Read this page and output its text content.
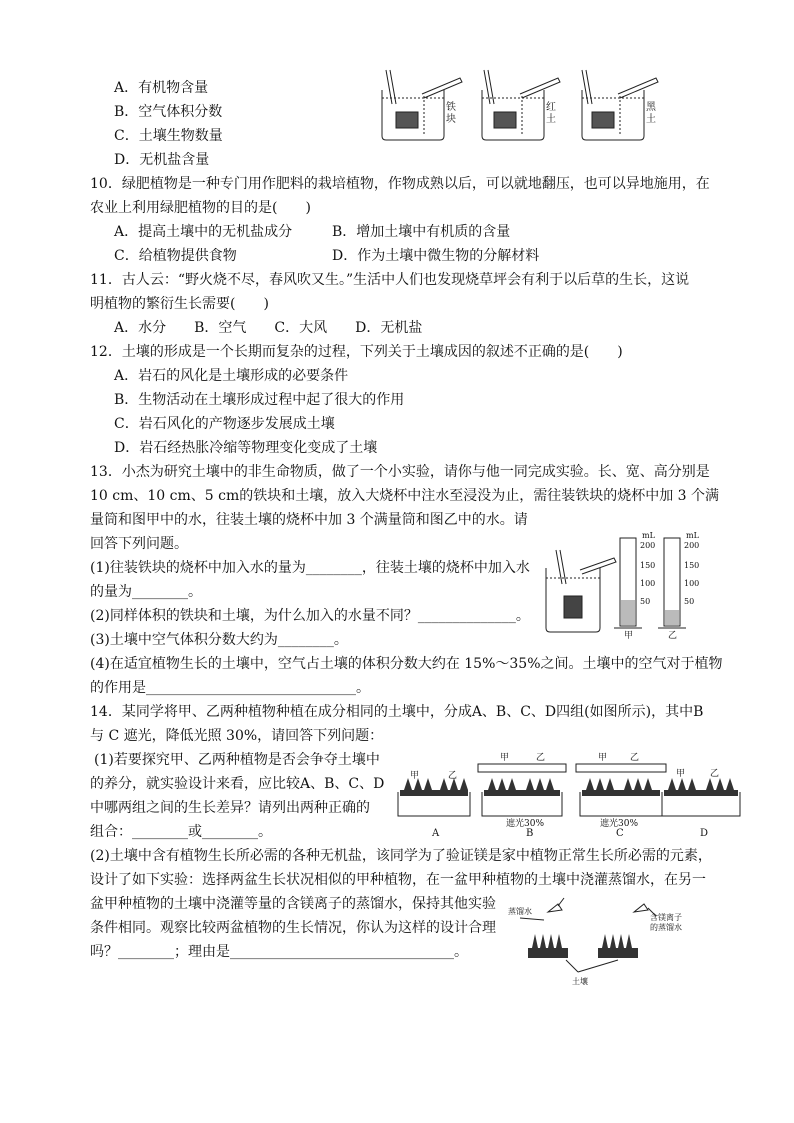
A．有机物含量
B．空气体积分数
C．土壤生物数量
D．无机盐含量
铁
块
红
土
黑
土
10．绿肥植物是一种专门用作肥料的栽培植物，作物成熟以后，可以就地翻压，也可以异地施用，在
农业上利用绿肥植物的目的是(　　)
A．提高土壤中的无机盐成分	B．增加土壤中有机质的含量
C．给植物提供食物	D．作为土壤中微生物的分解材料
11．古人云：“野火烧不尽，春风吹又生。”生活中人们也发现烧草坪会有利于以后草的生长，这说
明植物的繁衍生长需要(　　)
A．水分　　B．空气　　C．大风　　D．无机盐
12．土壤的形成是一个长期而复杂的过程，下列关于土壤成因的叙述不正确的是(　　)
A．岩石的风化是土壤形成的必要条件
B．生物活动在土壤形成过程中起了很大的作用
C．岩石风化的产物逐步发展成土壤
D．岩石经热胀冷缩等物理变化变成了土壤
13．小杰为研究土壤中的非生命物质，做了一个小实验，请你与他一同完成实验。长、宽、高分别是
10 cm、10 cm、5 cm的铁块和土壤，放入大烧杯中注水至浸没为止，需往装铁块的烧杯中加 3 个满
量筒和图甲中的水，往装土壤的烧杯中加 3 个满量筒和图乙中的水。请
回答下列问题。
(1)往装铁块的烧杯中加入水的量为________，往装土壤的烧杯中加入水
的量为________。
(2)同样体积的铁块和土壤，为什么加入的水量不同？______________。
(3)土壤中空气体积分数大约为________。
(4)在适宜植物生长的土壤中，空气占土壤的体积分数大约在 15%～35%之间。土壤中的空气对于植物
的作用是______________________________。
mL	mL
200
150
100
50
200
150
100
50
甲	乙
14．某同学将甲、乙两种植物种植在成分相同的土壤中，分成A、B、C、D四组(如图所示)，其中B
与 C 遮光，降低光照 30%，请回答下列问题：
(1)若要探究甲、乙两种植物是否会争夺土壤中
的养分，就实验设计来看，应比较A、B、C、D
中哪两组之间的生长差异？请列出两种正确的
组合：________或________。
(2)土壤中含有植物生长所必需的各种无机盐，该同学为了验证镁是家中植物正常生长所必需的元素，
设计了如下实验：选择两盆生长状况相似的甲种植物，在一盆甲种植物的土壤中浇灌蒸馏水，在另一
盆甲种植物的土壤中浇灌等量的含镁离子的蒸馏水，保持其他实验
条件相同。观察比较两盆植物的生长情况，你认为这样的设计合理
吗？________；理由是________________________________。
甲	乙
甲	乙	甲	乙
甲	乙
遮光30%	遮光30%
A	B	C	D
蒸馏水
含镁离子
的蒸馏水
土壤
